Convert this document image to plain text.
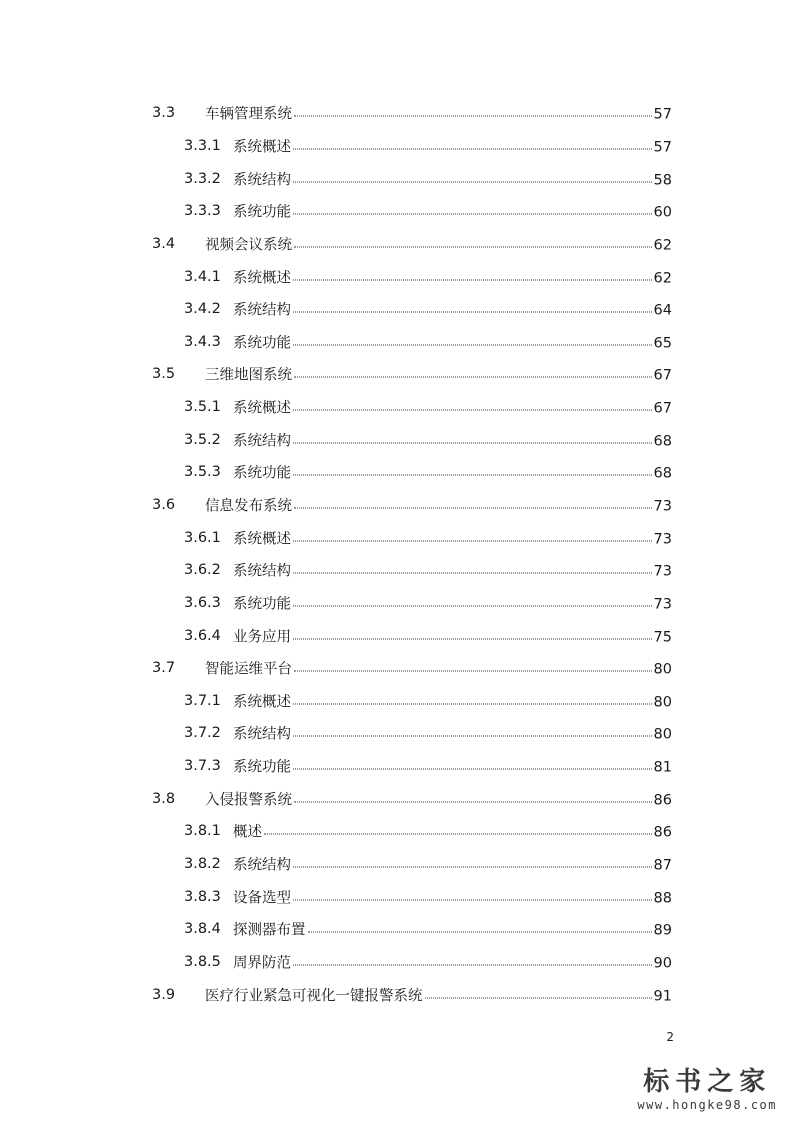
3.3 车辆管理系统	57
3.3.1 系统概述	57
3.3.2 系统结构	58
3.3.3 系统功能	60
3.4 视频会议系统	62
3.4.1 系统概述	62
3.4.2 系统结构	64
3.4.3 系统功能	65
3.5 三维地图系统	67
3.5.1 系统概述	67
3.5.2 系统结构	68
3.5.3 系统功能	68
3.6 信息发布系统	73
3.6.1 系统概述	73
3.6.2 系统结构	73
3.6.3 系统功能	73
3.6.4 业务应用	75
3.7 智能运维平台	80
3.7.1 系统概述	80
3.7.2 系统结构	80
3.7.3 系统功能	81
3.8 入侵报警系统	86
3.8.1 概述	86
3.8.2 系统结构	87
3.8.3 设备选型	88
3.8.4 探测器布置	89
3.8.5 周界防范	90
3.9 医疗行业紧急可视化一键报警系统	91
2
标书之家
www.hongke98.com
